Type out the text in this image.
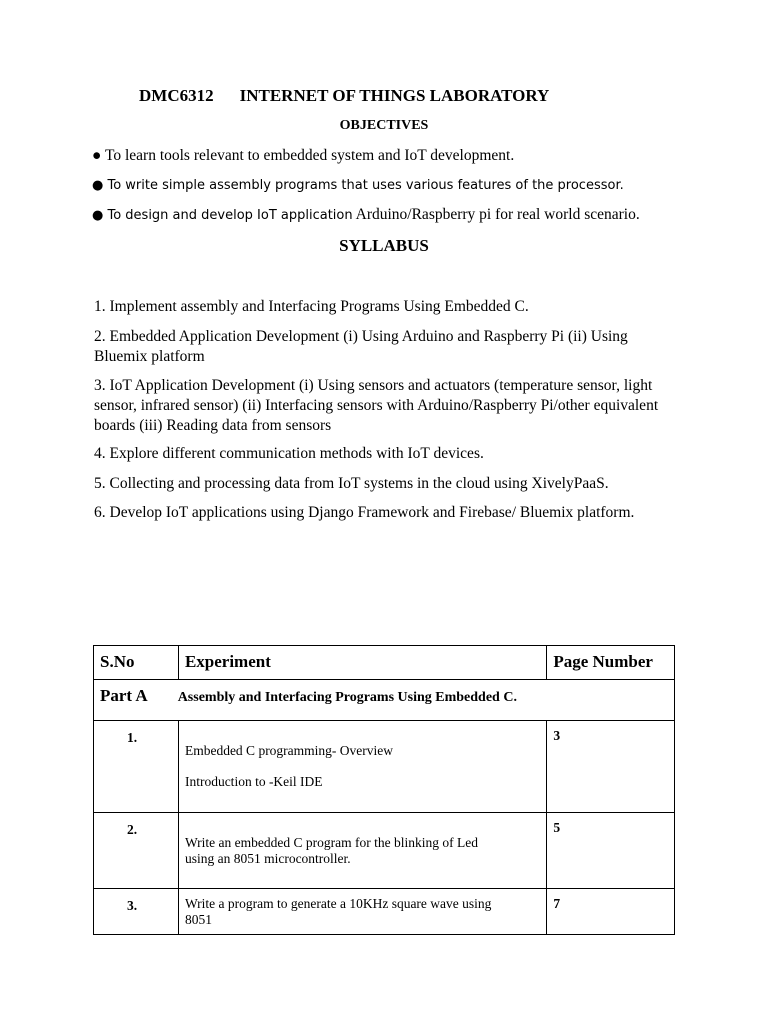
DMC6312 INTERNET OF THINGS LABORATORY
OBJECTIVES
● To learn tools relevant to embedded system and IoT development.
● To write simple assembly programs that uses various features of the processor.
● To design and develop IoT application Arduino/Raspberry pi for real world scenario.
SYLLABUS
1. Implement assembly and Interfacing Programs Using Embedded C.
2. Embedded Application Development (i) Using Arduino and Raspberry Pi (ii) Using Bluemix platform
3. IoT Application Development (i) Using sensors and actuators (temperature sensor, light sensor, infrared sensor) (ii) Interfacing sensors with Arduino/Raspberry Pi/other equivalent boards (iii) Reading data from sensors
4. Explore different communication methods with IoT devices.
5. Collecting and processing data from IoT systems in the cloud using XivelyPaaS.
6. Develop IoT applications using Django Framework and Firebase/ Bluemix platform.
S.No	Experiment	Page Number
Part A Assembly and Interfacing Programs Using Embedded C.		

1.	Embedded C programming- Overview
Introduction to -Keil IDE	3

2.	Write an embedded C program for the blinking of Led
using an 8051 microcontroller.	5

3.	Write a program to generate a 10KHz square wave using
8051	7
